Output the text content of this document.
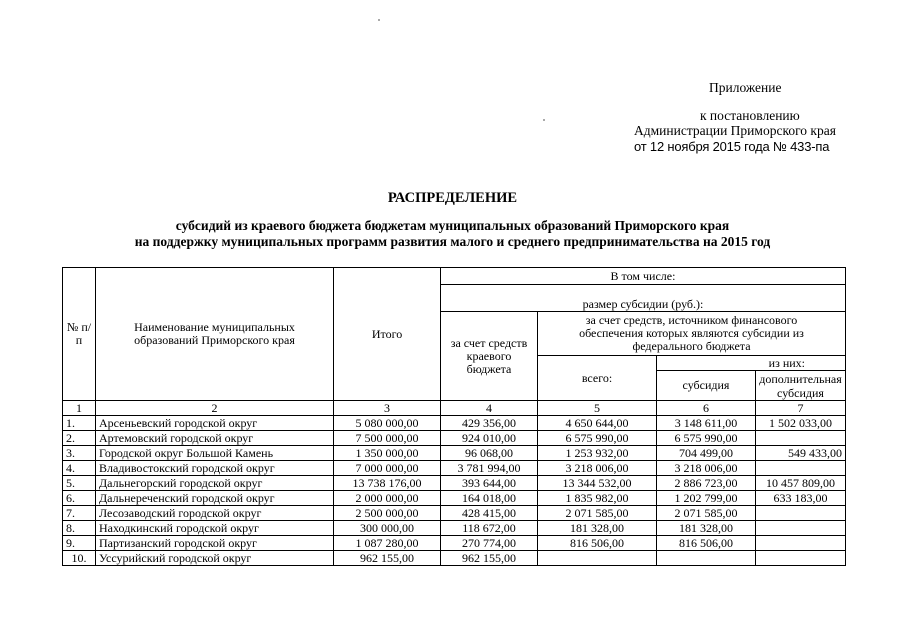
Приложение
к постановлению
Администрации Приморского края
от 12 ноября 2015 года № 433-па
РАСПРЕДЕЛЕНИЕ
субсидий из краевого бюджета бюджетам муниципальных образований Приморского края
на поддержку муниципальных программ развития малого и среднего предпринимательства на 2015 год
№ п/п	Наименование муниципальных образований Приморского края	Итого	В том числе:			
			размер субсидии (руб.):			
			за счет средств краевого бюджета	за счет средств, источником финансового обеспечения которых являются субсидии из федерального бюджета		
				всего:	из них:	
					субсидия	дополнительная субсидия
1	2	3	4	5	6	7
1.	Арсеньевский городской округ	5 080 000,00	429 356,00	4 650 644,00	3 148 611,00	1 502 033,00
2.	Артемовский городской округ	7 500 000,00	924 010,00	6 575 990,00	6 575 990,00	
3.	Городской округ Большой Камень	1 350 000,00	96 068,00	1 253 932,00	704 499,00	549 433,00
4.	Владивостокский городской округ	7 000 000,00	3 781 994,00	3 218 006,00	3 218 006,00	
5.	Дальнегорский городской округ	13 738 176,00	393 644,00	13 344 532,00	2 886 723,00	10 457 809,00
6.	Дальнереченский городской округ	2 000 000,00	164 018,00	1 835 982,00	1 202 799,00	633 183,00
7.	Лесозаводский городской округ	2 500 000,00	428 415,00	2 071 585,00	2 071 585,00	
8.	Находкинский городской округ	300 000,00	118 672,00	181 328,00	181 328,00	
9.	Партизанский городской округ	1 087 280,00	270 774,00	816 506,00	816 506,00	
10.	Уссурийский городской округ	962 155,00	962 155,00			
